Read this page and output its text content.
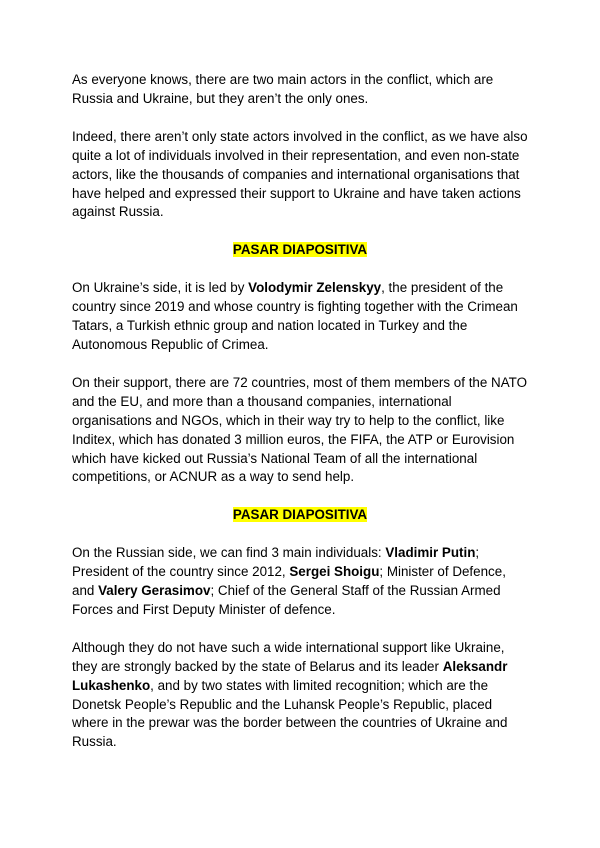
As everyone knows, there are two main actors in the conflict, which are Russia and Ukraine, but they aren’t the only ones.

Indeed, there aren’t only state actors involved in the conflict, as we have also quite a lot of individuals involved in their representation, and even non-state actors, like the thousands of companies and international organisations that have helped and expressed their support to Ukraine and have taken actions against Russia.

PASAR DIAPOSITIVA

On Ukraine’s side, it is led by Volodymir Zelenskyy, the president of the country since 2019 and whose country is fighting together with the Crimean Tatars, a Turkish ethnic group and nation located in Turkey and the Autonomous Republic of Crimea.

On their support, there are 72 countries, most of them members of the NATO and the EU, and more than a thousand companies, international organisations and NGOs, which in their way try to help to the conflict, like Inditex, which has donated 3 million euros, the FIFA, the ATP or Eurovision which have kicked out Russia’s National Team of all the international competitions, or ACNUR as a way to send help.

PASAR DIAPOSITIVA

On the Russian side, we can find 3 main individuals: Vladimir Putin; President of the country since 2012, Sergei Shoigu; Minister of Defence, and Valery Gerasimov; Chief of the General Staff of the Russian Armed Forces and First Deputy Minister of defence.

Although they do not have such a wide international support like Ukraine, they are strongly backed by the state of Belarus and its leader Aleksandr Lukashenko, and by two states with limited recognition; which are the Donetsk People’s Republic and the Luhansk People’s Republic, placed where in the prewar was the border between the countries of Ukraine and Russia.
